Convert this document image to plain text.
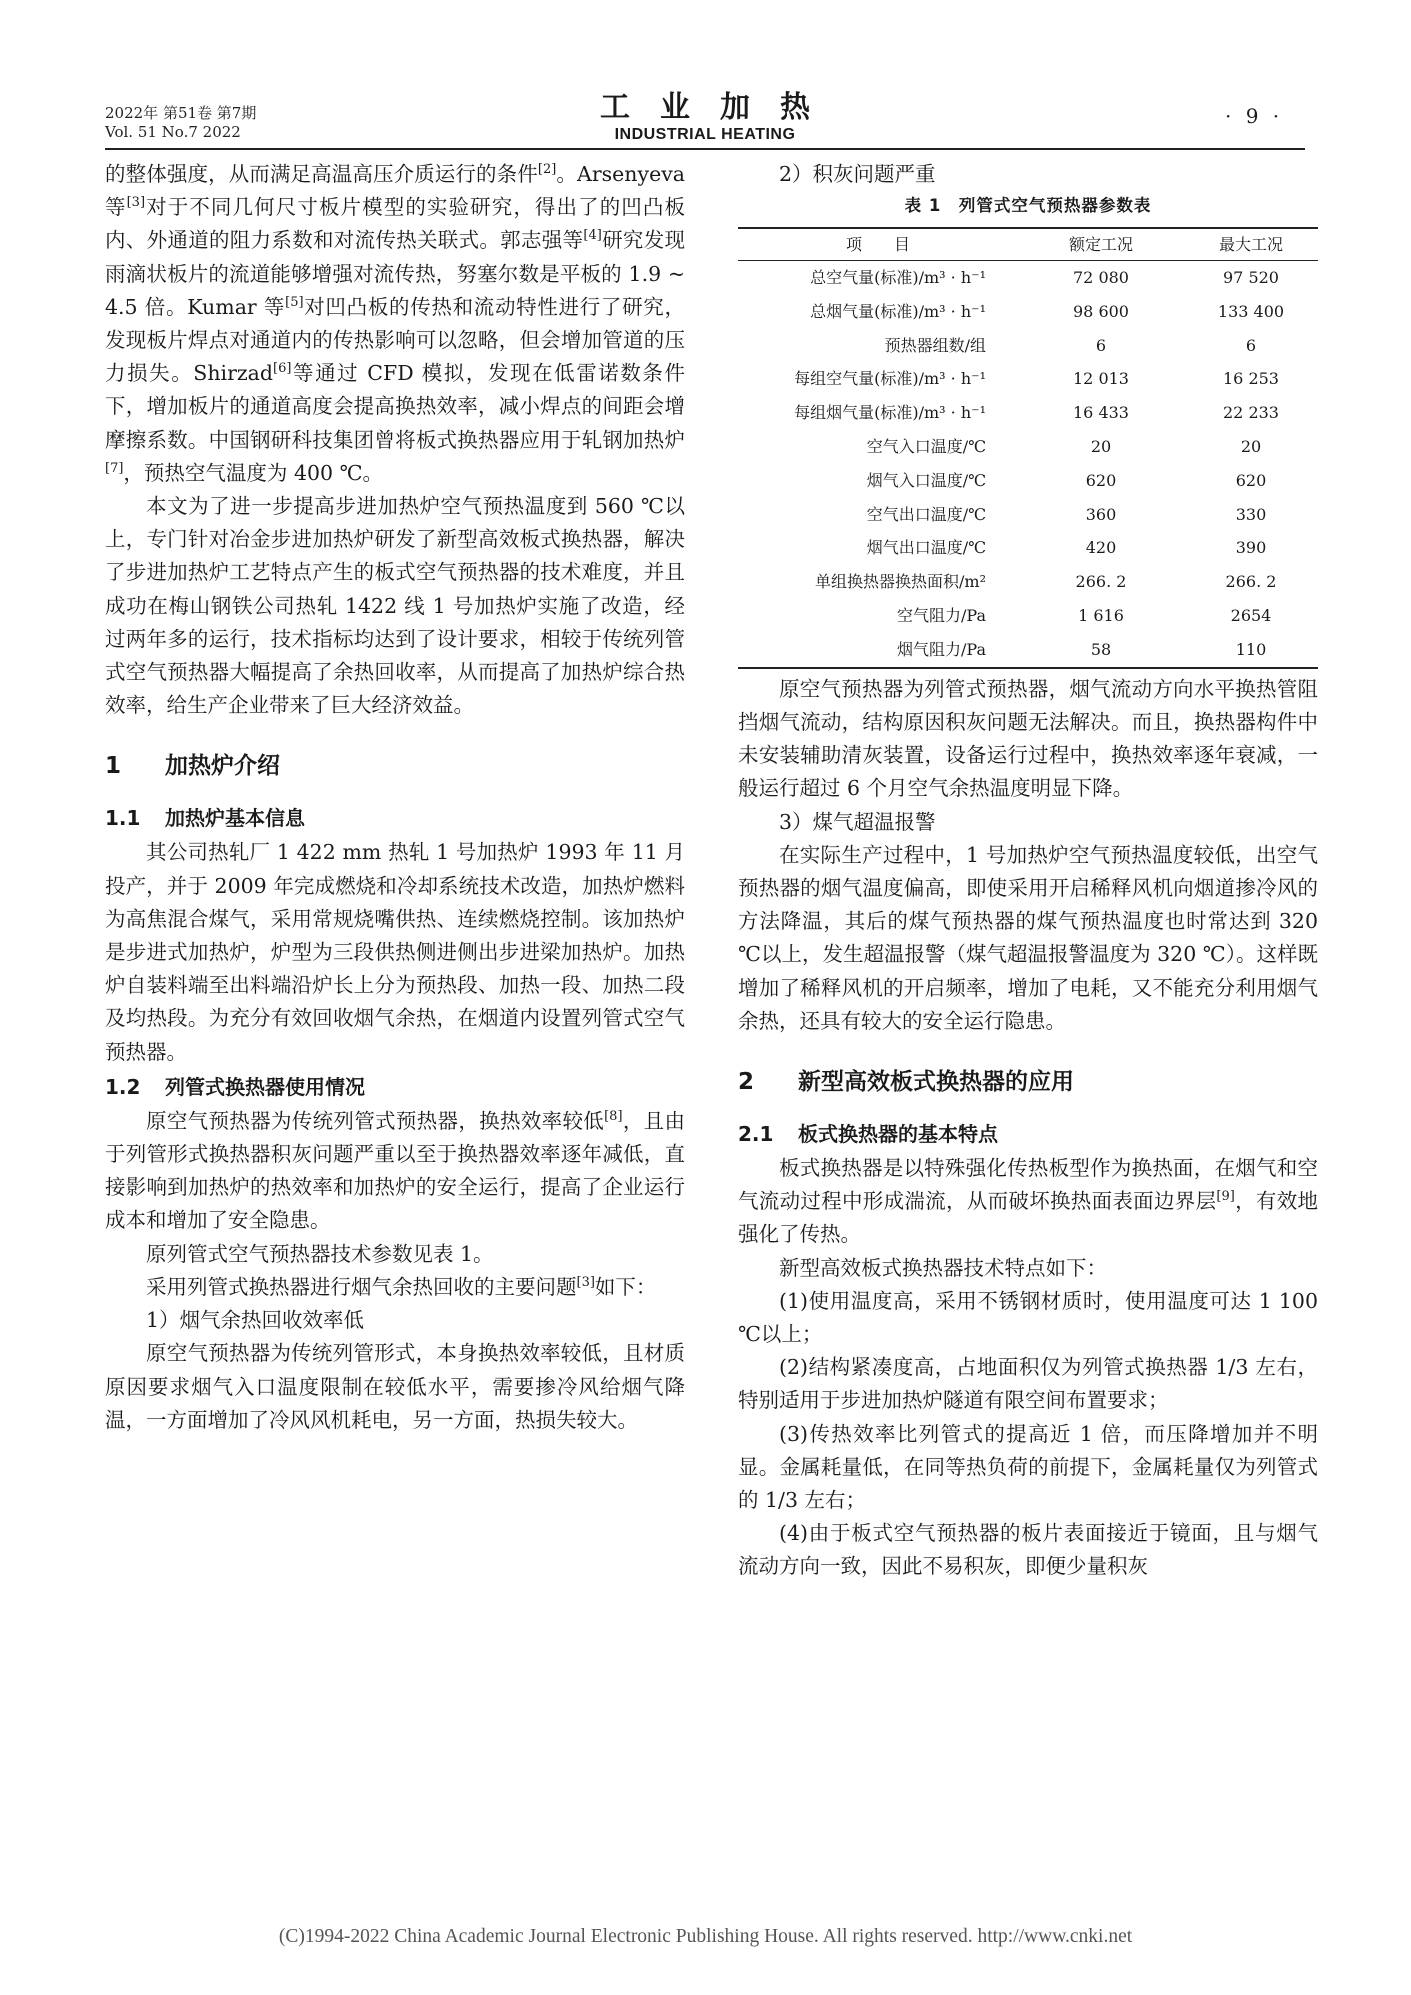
2022年 第51卷 第7期
Vol. 51 No.7 2022
工业加热
INDUSTRIAL HEATING
· 9 ·

的整体强度，从而满足高温高压介质运行的条件[2]。Arsenyeva 等[3]对于不同几何尺寸板片模型的实验研究，得出了的凹凸板内、外通道的阻力系数和对流传热关联式。郭志强等[4]研究发现雨滴状板片的流道能够增强对流传热，努塞尔数是平板的 1.9 ~ 4.5 倍。Kumar 等[5]对凹凸板的传热和流动特性进行了研究，发现板片焊点对通道内的传热影响可以忽略，但会增加管道的压力损失。Shirzad[6]等通过 CFD 模拟，发现在低雷诺数条件下，增加板片的通道高度会提高换热效率，减小焊点的间距会增摩擦系数。中国钢研科技集团曾将板式换热器应用于轧钢加热炉[7]，预热空气温度为 400 ℃。

本文为了进一步提高步进加热炉空气预热温度到 560 ℃以上，专门针对冶金步进加热炉研发了新型高效板式换热器，解决了步进加热炉工艺特点产生的板式空气预热器的技术难度，并且成功在梅山钢铁公司热轧 1422 线 1 号加热炉实施了改造，经过两年多的运行，技术指标均达到了设计要求，相较于传统列管式空气预热器大幅提高了余热回收率，从而提高了加热炉综合热效率，给生产企业带来了巨大经济效益。

1 加热炉介绍
1.1 加热炉基本信息

其公司热轧厂 1 422 mm 热轧 1 号加热炉 1993 年 11 月投产，并于 2009 年完成燃烧和冷却系统技术改造，加热炉燃料为高焦混合煤气，采用常规烧嘴供热、连续燃烧控制。该加热炉是步进式加热炉，炉型为三段供热侧进侧出步进梁加热炉。加热炉自装料端至出料端沿炉长上分为预热段、加热一段、加热二段及均热段。为充分有效回收烟气余热，在烟道内设置列管式空气预热器。

1.2 列管式换热器使用情况

原空气预热器为传统列管式预热器，换热效率较低[8]，且由于列管形式换热器积灰问题严重以至于换热器效率逐年减低，直接影响到加热炉的热效率和加热炉的安全运行，提高了企业运行成本和增加了安全隐患。

原列管式空气预热器技术参数见表 1。

采用列管式换热器进行烟气余热回收的主要问题[3]如下：

1）烟气余热回收效率低

原空气预热器为传统列管形式，本身换热效率较低，且材质原因要求烟气入口温度限制在较低水平，需要掺冷风给烟气降温，一方面增加了冷风风机耗电，另一方面，热损失较大。

2）积灰问题严重

表 1　列管式空气预热器参数表
项　　目	额定工况	最大工况
总空气量(标准)/m³ · h⁻¹	72 080	97 520
总烟气量(标准)/m³ · h⁻¹	98 600	133 400
预热器组数/组	6	6
每组空气量(标准)/m³ · h⁻¹	12 013	16 253
每组烟气量(标准)/m³ · h⁻¹	16 433	22 233
空气入口温度/℃	20	20
烟气入口温度/℃	620	620
空气出口温度/℃	360	330
烟气出口温度/℃	420	390
单组换热器换热面积/m²	266. 2	266. 2
空气阻力/Pa	1 616	2654
烟气阻力/Pa	58	110

原空气预热器为列管式预热器，烟气流动方向水平换热管阻挡烟气流动，结构原因积灰问题无法解决。而且，换热器构件中未安装辅助清灰装置，设备运行过程中，换热效率逐年衰减，一般运行超过 6 个月空气余热温度明显下降。

3）煤气超温报警

在实际生产过程中，1 号加热炉空气预热温度较低，出空气预热器的烟气温度偏高，即使采用开启稀释风机向烟道掺冷风的方法降温，其后的煤气预热器的煤气预热温度也时常达到 320 ℃以上，发生超温报警（煤气超温报警温度为 320 ℃）。这样既增加了稀释风机的开启频率，增加了电耗，又不能充分利用烟气余热，还具有较大的安全运行隐患。

2 新型高效板式换热器的应用
2.1 板式换热器的基本特点

板式换热器是以特殊强化传热板型作为换热面，在烟气和空气流动过程中形成湍流，从而破坏换热面表面边界层[9]，有效地强化了传热。

新型高效板式换热器技术特点如下：

(1)使用温度高，采用不锈钢材质时，使用温度可达 1 100 ℃以上；

(2)结构紧凑度高，占地面积仅为列管式换热器 1/3 左右，特别适用于步进加热炉隧道有限空间布置要求；

(3)传热效率比列管式的提高近 1 倍，而压降增加并不明显。金属耗量低，在同等热负荷的前提下，金属耗量仅为列管式的 1/3 左右；

(4)由于板式空气预热器的板片表面接近于镜面，且与烟气流动方向一致，因此不易积灰，即便少量积灰

(C)1994-2022 China Academic Journal Electronic Publishing House. All rights reserved. http://www.cnki.net
